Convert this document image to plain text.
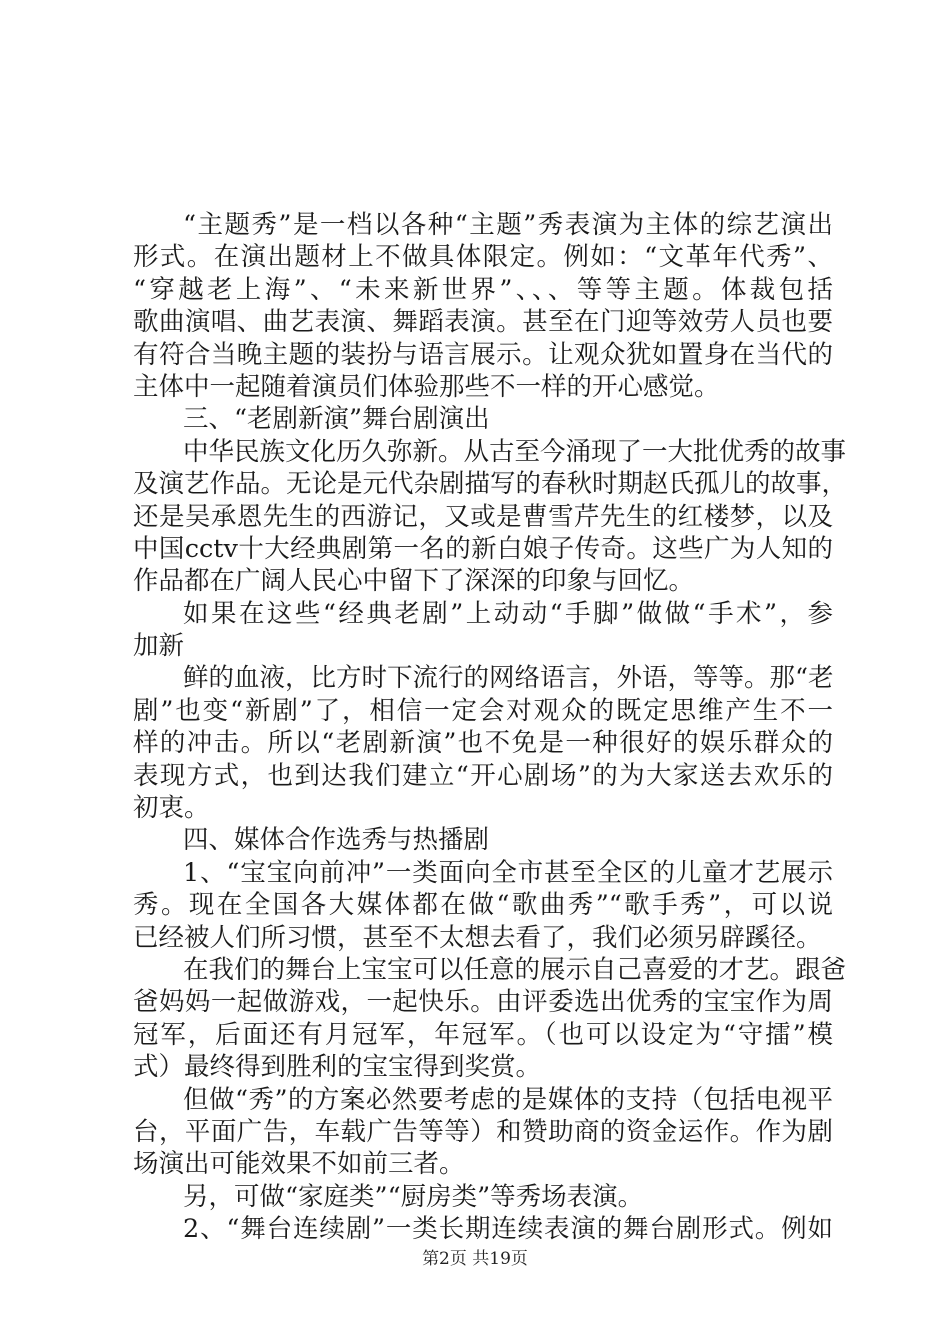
“主题秀”是一档以各种“主题”秀表演为主体的综艺演出
形式。在演出题材上不做具体限定。例如：“文革年代秀”、
“穿越老上海”、“未来新世界”、、、等等主题。体裁包括
歌曲演唱、曲艺表演、舞蹈表演。甚至在门迎等效劳人员也要
有符合当晚主题的装扮与语言展示。让观众犹如置身在当代的
主体中一起随着演员们体验那些不一样的开心感觉。
三、“老剧新演”舞台剧演出
中华民族文化历久弥新。从古至今涌现了一大批优秀的故事
及演艺作品。无论是元代杂剧描写的春秋时期赵氏孤儿的故事，
还是吴承恩先生的西游记，又或是曹雪芹先生的红楼梦，以及
中国cctv十大经典剧第一名的新白娘子传奇。这些广为人知的
作品都在广阔人民心中留下了深深的印象与回忆。
如果在这些“经典老剧”上动动“手脚”做做“手术”，参
加新
鲜的血液，比方时下流行的网络语言，外语，等等。那“老
剧”也变“新剧”了，相信一定会对观众的既定思维产生不一
样的冲击。所以“老剧新演”也不免是一种很好的娱乐群众的
表现方式，也到达我们建立“开心剧场”的为大家送去欢乐的
初衷。
四、媒体合作选秀与热播剧
1、“宝宝向前冲”一类面向全市甚至全区的儿童才艺展示
秀。现在全国各大媒体都在做“歌曲秀”“歌手秀”，可以说
已经被人们所习惯，甚至不太想去看了，我们必须另辟蹊径。
在我们的舞台上宝宝可以任意的展示自己喜爱的才艺。跟爸
爸妈妈一起做游戏，一起快乐。由评委选出优秀的宝宝作为周
冠军，后面还有月冠军，年冠军。（也可以设定为“守擂”模
式）最终得到胜利的宝宝得到奖赏。
但做“秀”的方案必然要考虑的是媒体的支持（包括电视平
台，平面广告，车载广告等等）和赞助商的资金运作。作为剧
场演出可能效果不如前三者。
另，可做“家庭类”“厨房类”等秀场表演。
2、“舞台连续剧”一类长期连续表演的舞台剧形式。例如
第2页 共19页
